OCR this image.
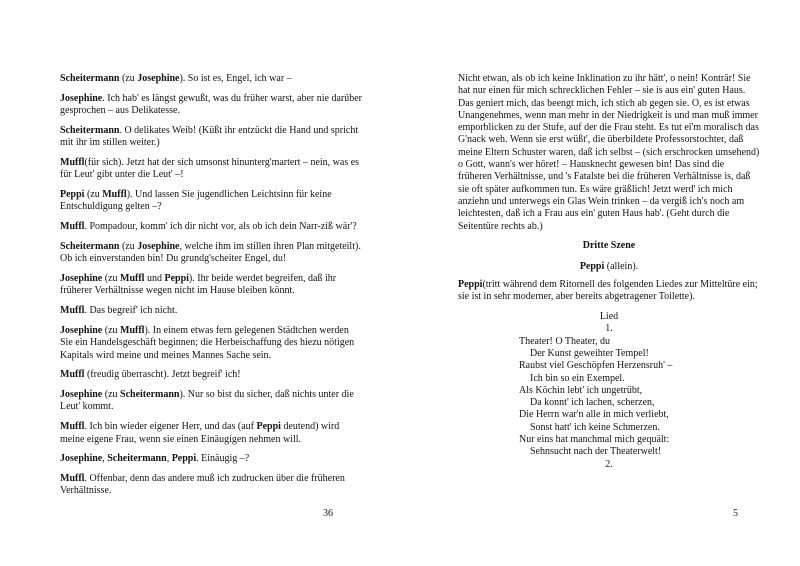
Scheitermann (zu Josephine). So ist es, Engel, ich war –

Josephine. Ich hab' es längst gewußt, was du früher warst, aber nie darüber gesprochen – aus Delikatesse.

Scheitermann. O delikates Weib! (Küßt ihr entzückt die Hand und spricht mit ihr im stillen weiter.)

Muffl(für sich). Jetzt hat der sich umsonst hinunterg'martert – nein, was es für Leut' gibt unter die Leut' –!

Peppi (zu Muffl). Und lassen Sie jugendlichen Leichtsinn für keine Entschuldigung gelten –?

Muffl. Pompadour, komm' ich dir nicht vor, als ob ich dein Narr-ziß wär'?

Scheitermann (zu Josephine, welche ihm im stillen ihren Plan mitgeteilt). Ob ich einverstanden bin! Du grundg'scheiter Engel, du!

Josephine (zu Muffl und Peppi). Ihr beide werdet begreifen, daß ihr früherer Verhältnisse wegen nicht im Hause bleiben könnt.

Muffl. Das begreif' ich nicht.

Josephine (zu Muffl). In einem etwas fern gelegenen Städtchen werden Sie ein Handelsgeschäft beginnen; die Herbeischaffung des hiezu nötigen Kapitals wird meine und meines Mannes Sache sein.

Muffl (freudig überrascht). Jetzt begreif' ich!

Josephine (zu Scheitermann). Nur so bist du sicher, daß nichts unter die Leut' kommt.

Muffl. Ich bin wieder eigener Herr, und das (auf Peppi deutend) wird meine eigene Frau, wenn sie einen Einäugigen nehmen will.

Josephine, Scheitermann, Peppi. Einäugig –?

Muffl. Offenbar, denn das andere muß ich zudrucken über die früheren Verhältnisse.

36

Nicht etwan, als ob ich keine Inklination zu ihr hätt', o nein! Konträr! Sie hat nur einen für mich schrecklichen Fehler – sie is aus ein' guten Haus. Das geniert mich, das beengt mich, ich stich ab gegen sie. O, es ist etwas Unangenehmes, wenn man mehr in der Niedrigkeit is und man muß immer emporblicken zu der Stufe, auf der die Frau steht. Es tut ei'm moralisch das G'nack weh. Wenn sie erst wüßt', die überbildete Professorstochter, daß meine Eltern Schuster waren, daß ich selbst – (sich erschrocken umsehend) o Gott, wann's wer höret! – Hausknecht gewesen bin! Das sind die früheren Verhältnisse, und 's Fatalste bei die früheren Verhältnisse is, daß sie oft später aufkommen tun. Es wäre gräßlich! Jetzt werd' ich mich anziehn und unterwegs ein Glas Wein trinken – da vergiß ich's noch am leichtesten, daß ich a Frau aus ein' guten Haus hab'. (Geht durch die Seitentüre rechts ab.)

Dritte Szene
Peppi (allein).

Peppi(tritt während dem Ritornell des folgenden Liedes zur Mitteltüre ein; sie ist in sehr moderner, aber bereits abgetragener Toilette).

Lied
1.
Theater! O Theater, du
Der Kunst geweihter Tempel!
Raubst viel Geschöpfen Herzensruh' –
Ich bin so ein Exempel.
Als Köchin lebt' ich ungetrübt,
Da konnt' ich lachen, scherzen,
Die Herrn war'n alle in mich verliebt,
Sonst hatt' ich keine Schmerzen.
Nur eins hat manchmal mich gequält:
Sehnsucht nach der Theaterwelt!
2.
5
